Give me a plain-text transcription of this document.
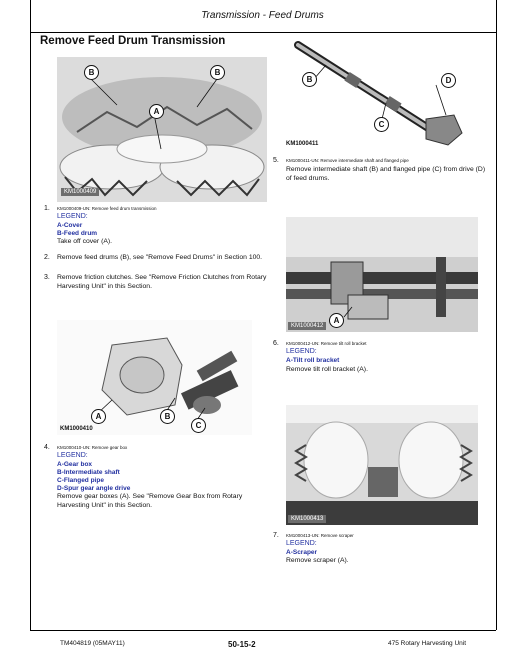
Transmission - Feed Drums
Remove Feed Drum Transmission
B	B
A
KM1000409
1. KM1000409-UN: Remove feed drum transmission
LEGEND:
A-Cover
B-Feed drum
Take off cover (A).
2. Remove feed drums (B), see "Remove Feed Drums" in Section 100.
3. Remove friction clutches. See "Remove Friction Clutches from Rotary Harvesting Unit" in this Section.
A	B
C
KM1000410
4. KM1000410-UN: Remove gear box
LEGEND:
A-Gear box
B-Intermediate shaft
C-Flanged pipe
D-Spur gear angle drive
Remove gear boxes (A). See "Remove Gear Box from Rotary Harvesting Unit" in this Section.
B	D
C
KM1000411
5. KM1000411-UN: Remove intermediate shaft and flanged pipe
Remove intermediate shaft (B) and flanged pipe (C) from drive (D) of feed drums.
A
KM1000412
6. KM1000412-UN: Remove tilt roll bracket
LEGEND:
A-Tilt roll bracket
Remove tilt roll bracket (A).
KM1000413
7. KM1000413-UN: Remove scraper
LEGEND:
A-Scraper
Remove scraper (A).
TM404819 (05MAY11)	50-15-2	475 Rotary Harvesting Unit
